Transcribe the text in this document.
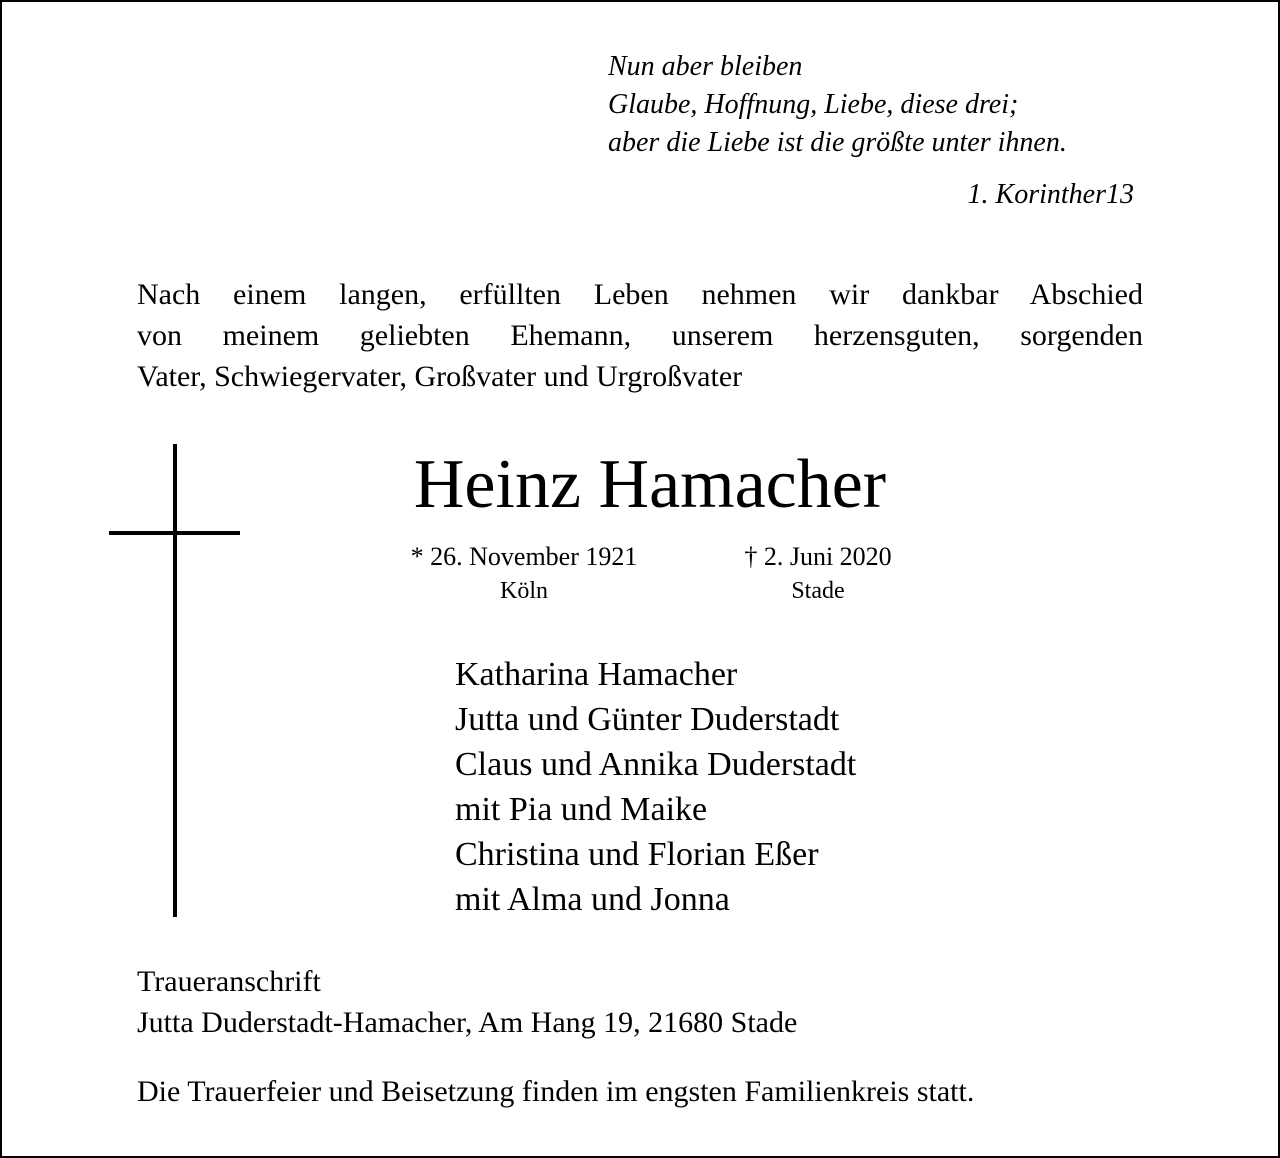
Nun aber bleiben
Glaube, Hoffnung, Liebe, diese drei;
aber die Liebe ist die größte unter ihnen.
1. Korinther13
Nach einem langen, erfüllten Leben nehmen wir dankbar Abschied
von meinem geliebten Ehemann, unserem herzensguten, sorgenden
Vater, Schwiegervater, Großvater und Urgroßvater
Heinz Hamacher
* 26. November 1921
Köln
† 2. Juni 2020
Stade
Katharina Hamacher
Jutta und Günter Duderstadt
Claus und Annika Duderstadt
mit Pia und Maike
Christina und Florian Eßer
mit Alma und Jonna
Traueranschrift
Jutta Duderstadt-Hamacher, Am Hang 19, 21680 Stade
Die Trauerfeier und Beisetzung finden im engsten Familienkreis statt.
